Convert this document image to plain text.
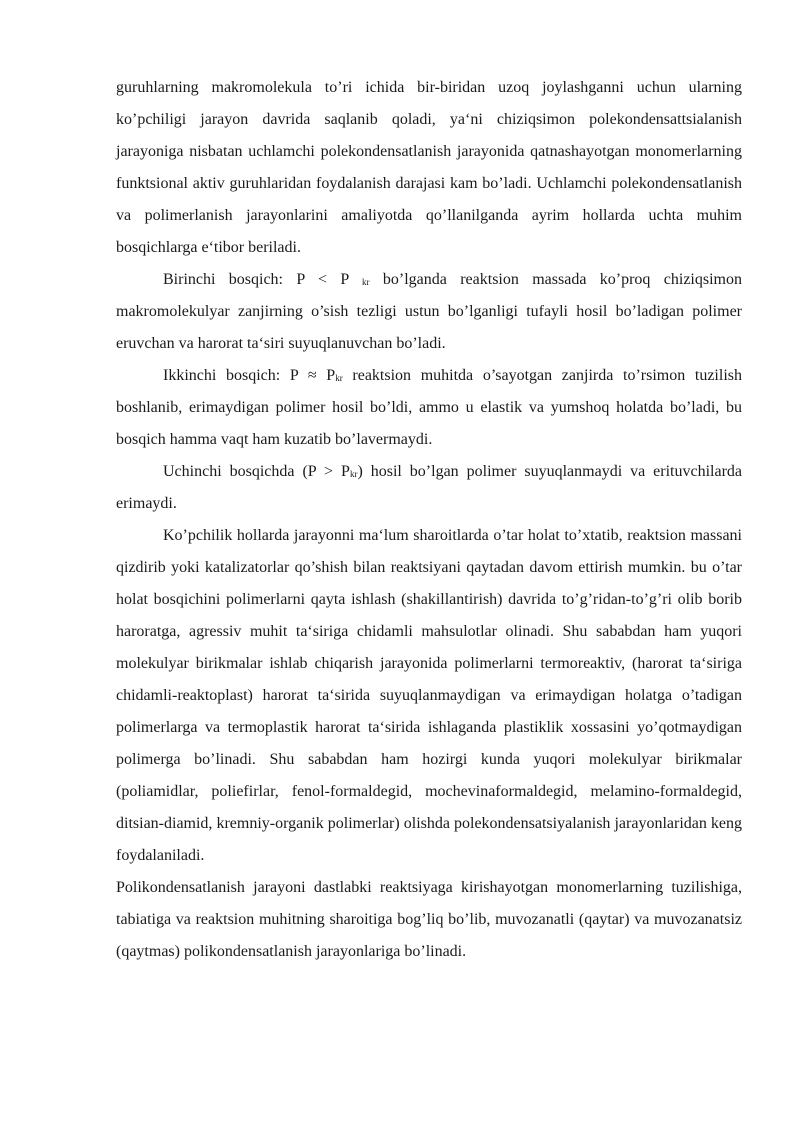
guruhlarning makromolekula to’ri ichida bir-biridan uzoq joylashganni uchun ularning ko’pchiligi jarayon davrida saqlanib qoladi, ya‘ni chiziqsimon polekondensattsialanish jarayoniga nisbatan uchlamchi polekondensatlanish jarayonida qatnashayotgan monomerlarning funktsional aktiv guruhlaridan foydalanish darajasi kam bo’ladi. Uchlamchi polekondensatlanish va polimerlanish jarayonlarini amaliyotda qo’llanilganda ayrim hollarda uchta muhim bosqichlarga e‘tibor beriladi.

Birinchi bosqich: P < P $_{kr}$ bo’lganda reaktsion massada ko’proq chiziqsimon makromolekulyar zanjirning o’sish tezligi ustun bo’lganligi tufayli hosil bo’ladigan polimer eruvchan va harorat ta‘siri suyuqlanuvchan bo’ladi.

Ikkinchi bosqich: $P \approx P_{kr}$ reaktsion muhitda o’sayotgan zanjirda to’rsimon tuzilish boshlanib, erimaydigan polimer hosil bo’ldi, ammo u elastik va yumshoq holatda bo’ladi, bu bosqich hamma vaqt ham kuzatib bo’lavermaydi.

Uchinchi bosqichda $(P > P_{kr})$ hosil bo’lgan polimer suyuqlanmaydi va erituvchilarda erimaydi.

Ko’pchilik hollarda jarayonni ma‘lum sharoitlarda o’tar holat to’xtatib, reaktsion massani qizdirib yoki katalizatorlar qo’shish bilan reaktsiyani qaytadan davom ettirish mumkin. bu o’tar holat bosqichini polimerlarni qayta ishlash (shakillantirish) davrida to’g’ridan-to’g’ri olib borib haroratga, agressiv muhit ta‘siriga chidamli mahsulotlar olinadi. Shu sababdan ham yuqori molekulyar birikmalar ishlab chiqarish jarayonida polimerlarni termoreaktiv, (harorat ta‘siriga chidamli-reaktoplast) harorat ta‘sirida suyuqlanmaydigan va erimaydigan holatga o’tadigan polimerlarga va termoplastik harorat ta‘sirida ishlaganda plastiklik xossasini yo’qotmaydigan polimerga bo’linadi. Shu sababdan ham hozirgi kunda yuqori molekulyar birikmalar (poliamidlar, poliefirlar, fenol-formaldegid, mochevinaformaldegid, melamino-formaldegid, ditsian-diamid, kremniy-organik polimerlar) olishda polekondensatsiyalanish jarayonlaridan keng foydalaniladi.

Polikondensatlanish jarayoni dastlabki reaktsiyaga kirishayotgan monomerlarning tuzilishiga, tabiatiga va reaktsion muhitning sharoitiga bog’liq bo’lib, muvozanatli (qaytar) va muvozanatsiz (qaytmas) polikondensatlanish jarayonlariga bo’linadi.
